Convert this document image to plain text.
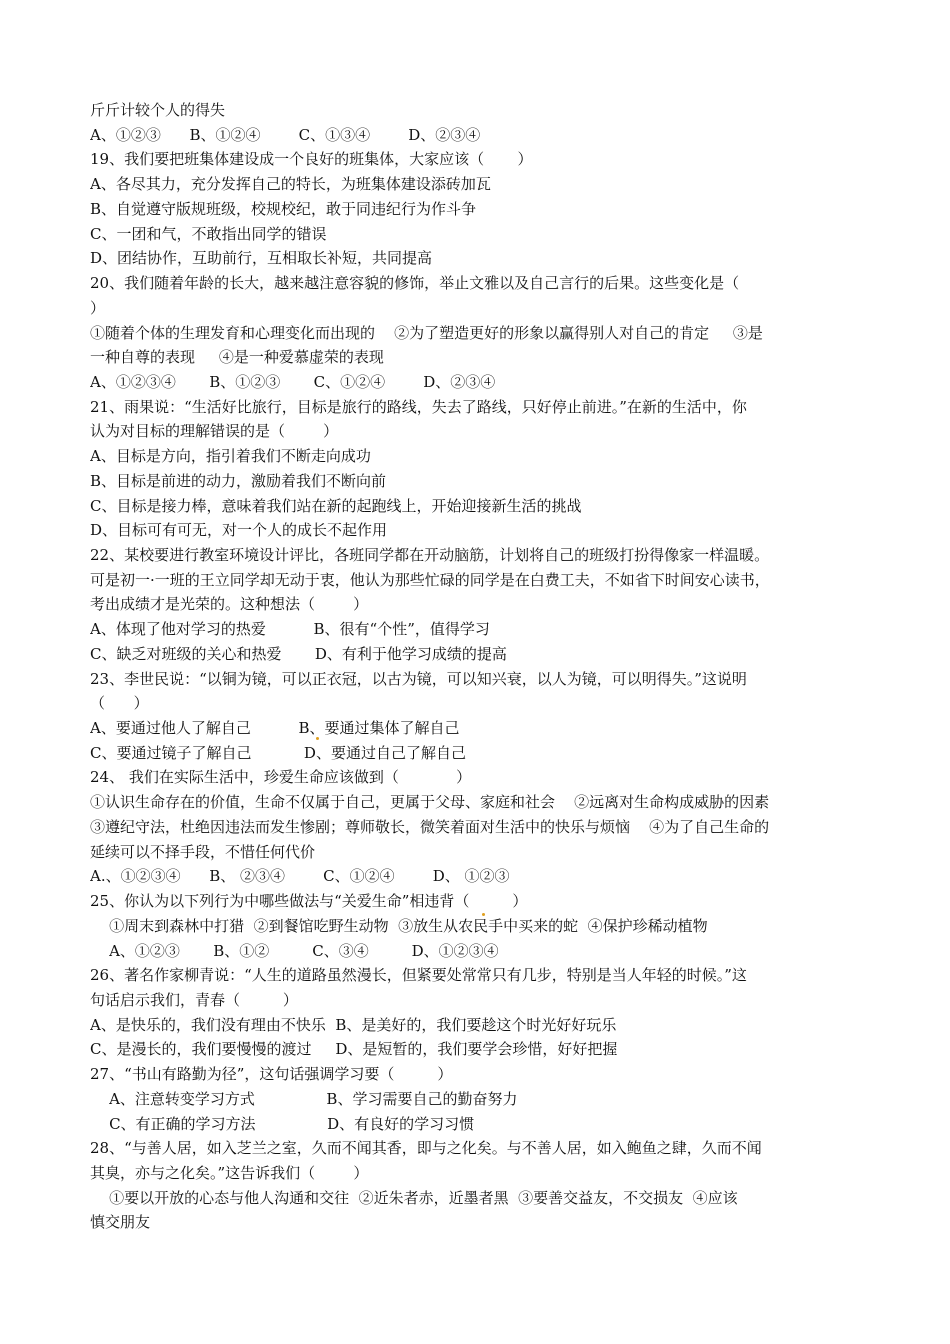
斤斤计较个人的得失
A、①②③      B、①②④        C、①③④        D、②③④
19、我们要把班集体建设成一个良好的班集体，大家应该（       ）
A、各尽其力，充分发挥自己的特长，为班集体建设添砖加瓦
B、自觉遵守版规班级，校规校纪，敢于同违纪行为作斗争
C、一团和气，不敢指出同学的错误
D、团结协作，互助前行，互相取长补短，共同提高
20、我们随着年龄的长大，越来越注意容貌的修饰，举止文雅以及自己言行的后果。这些变化是（
）
①随着个体的生理发育和心理变化而出现的    ②为了塑造更好的形象以赢得别人对自己的肯定     ③是
一种自尊的表现     ④是一种爱慕虚荣的表现
A、①②③④       B、①②③       C、①②④        D、②③④
21、雨果说：“生活好比旅行，目标是旅行的路线，失去了路线，只好停止前进。”在新的生活中，你
认为对目标的理解错误的是（        ）
A、目标是方向，指引着我们不断走向成功
B、目标是前进的动力，激励着我们不断向前
C、目标是接力棒，意味着我们站在新的起跑线上，开始迎接新生活的挑战
D、目标可有可无，对一个人的成长不起作用
22、某校要进行教室环境设计评比，各班同学都在开动脑筋，计划将自己的班级打扮得像家一样温暖。
可是初一·一班的王立同学却无动于衷，他认为那些忙碌的同学是在白费工夫，不如省下时间安心读书，
考出成绩才是光荣的。这种想法（        ）
A、体现了他对学习的热爱          B、很有“个性”，值得学习
C、缺乏对班级的关心和热爱       D、有利于他学习成绩的提高
23、李世民说：“以铜为镜，可以正衣冠，以古为镜，可以知兴衰，以人为镜，可以明得失。”这说明
（      ）
A、要通过他人了解自己          B、要通过集体了解自己
C、要通过镜子了解自己           D、要通过自己了解自己
24、 我们在实际生活中，珍爱生命应该做到（            ）
①认识生命存在的价值，生命不仅属于自己，更属于父母、家庭和社会    ②远离对生命构成威胁的因素
③遵纪守法，杜绝因违法而发生惨剧；尊师敬长，微笑着面对生活中的快乐与烦恼    ④为了自己生命的
延续可以不择手段，不惜任何代价
A.、①②③④      B、 ②③④        C、①②④        D、 ①②③
25、你认为以下列行为中哪些做法与“关爱生命”相违背（         ）
①周末到森林中打猎  ②到餐馆吃野生动物  ③放生从农民手中买来的蛇  ④保护珍稀动植物
A、①②③       B、①②         C、③④         D、①②③④
26、著名作家柳青说：“人生的道路虽然漫长，但紧要处常常只有几步，特别是当人年轻的时候。”这
句话启示我们，青春（         ）
A、是快乐的，我们没有理由不快乐  B、是美好的，我们要趁这个时光好好玩乐
C、是漫长的，我们要慢慢的渡过     D、是短暂的，我们要学会珍惜，好好把握
27、“书山有路勤为径”，这句话强调学习要（         ）
A、注意转变学习方式               B、学习需要自己的勤奋努力
C、有正确的学习方法               D、有良好的学习习惯
28、“与善人居，如入芝兰之室，久而不闻其香，即与之化矣。与不善人居，如入鲍鱼之肆，久而不闻
其臭，亦与之化矣。”这告诉我们（        ）
①要以开放的心态与他人沟通和交往  ②近朱者赤，近墨者黑  ③要善交益友，不交损友  ④应该
慎交朋友
